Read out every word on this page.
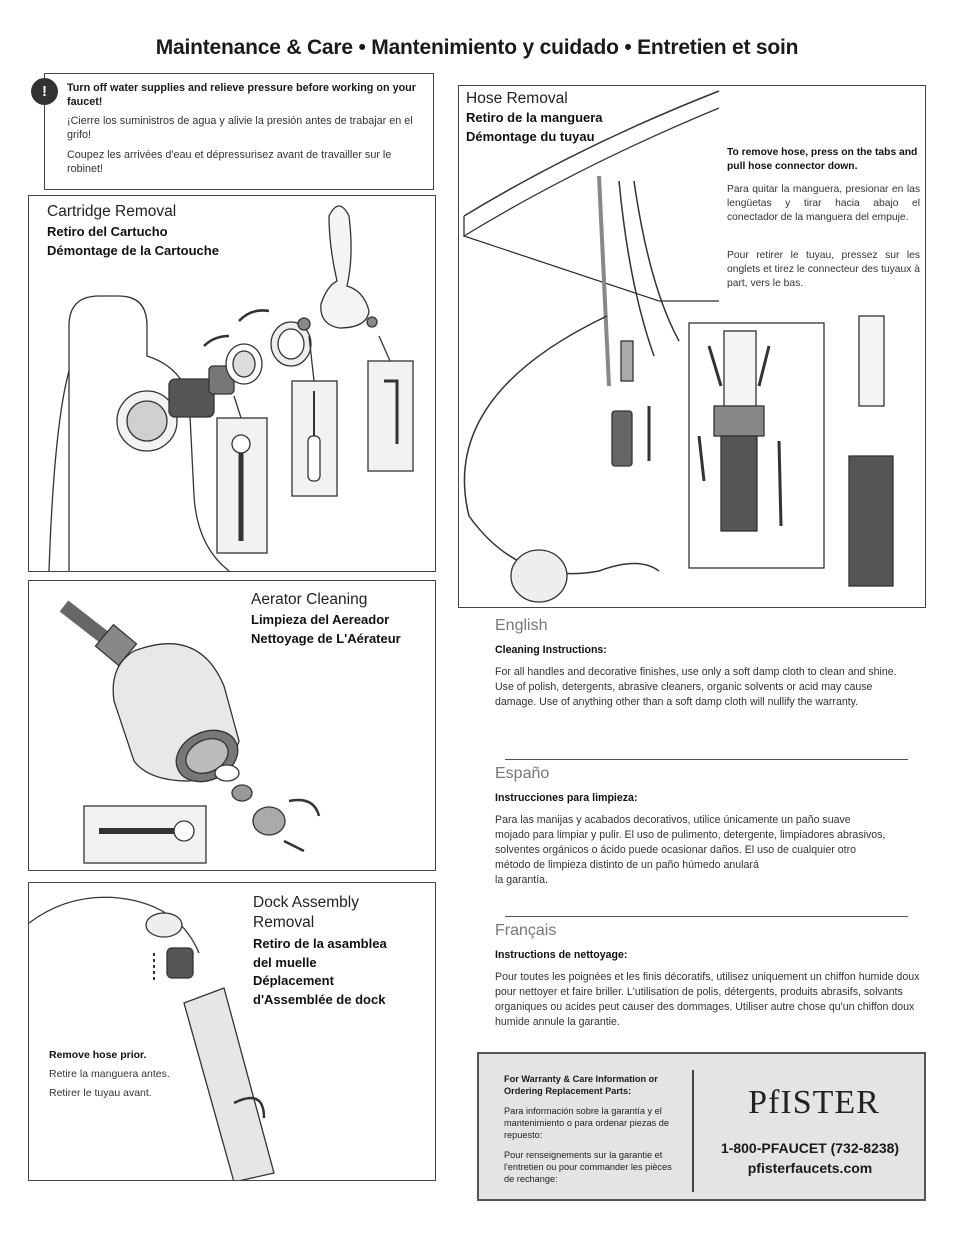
Maintenance & Care • Mantenimiento y cuidado • Entretien et soin
Turn off water supplies and relieve pressure before working on your faucet!
¡Cierre los suministros de agua y alivie la presión antes de trabajar en el grifo!
Coupez les arrivées d'eau et dépressurisez avant de travailler sur le robinet!
!
Cartridge Removal
Retiro del Cartucho
Démontage de la Cartouche
Aerator Cleaning
Limpieza del Aereador
Nettoyage de L'Aérateur
Dock Assembly
Removal
Retiro de la asamblea
del muelle
Déplacement
d'Assemblée de dock
Remove hose prior.
Retire la manguera antes.
Retirer le tuyau avant.
Hose Removal
Retiro de la manguera
Démontage du tuyau
To remove hose, press on the tabs and pull hose connector down.
Para quitar la manguera, presionar en las lengüetas y tirar hacia abajo el conectador de la manguera del empuje.
Pour retirer le tuyau, pressez sur les onglets et tirez le connecteur des tuyaux à part, vers le bas.
English
Cleaning Instructions:
For all handles and decorative finishes, use only a soft damp cloth to clean and shine. Use of polish, detergents, abrasive cleaners, organic solvents or acid may cause damage. Use of anything other than a soft damp cloth will nullify the warranty.
Españo
Instrucciones para limpieza:
Para las manijas y acabados decorativos, utilice únicamente un paño suave
mojado para limpiar y pulir. El uso de pulimento, detergente, limpiadores abrasivos,
solventes orgánicos o ácido puede ocasionar daños. El uso de cualquier otro
método de limpieza distinto de un paño húmedo anulará
la garantía.
Français
Instructions de nettoyage:
Pour toutes les poignées et les finis décoratifs, utilisez uniquement un chiffon humide doux pour nettoyer et faire briller. L'utilisation de polis, détergents, produits abrasifs, solvants organiques ou acides peut causer des dommages. Utiliser autre chose qu'un chiffon doux humide annule la garantie.
For Warranty & Care Information or Ordering Replacement Parts:
Para información sobre la garantía y el mantenimiento o para ordenar piezas de repuesto:
Pour renseignements sur la garantie et l'entretien ou pour commander les pièces de rechange:
PfISTER
1-800-PFAUCET (732-8238)
pfisterfaucets.com
